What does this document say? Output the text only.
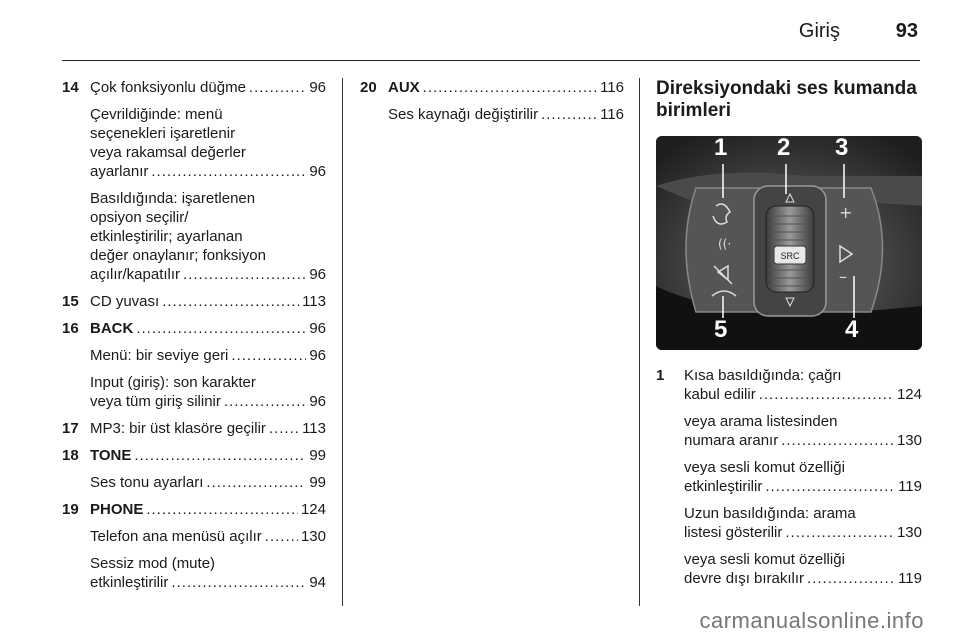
Giriş	93
14 Çok fonksiyonlu düğme .....	96
Çevrildiğinde: menü
seçenekleri işaretlenir
veya rakamsal değerler
ayarlanır .....	96
Basıldığında: işaretlenen
opsiyon seçilir/
etkinleştirilir; ayarlanan
değer onaylanır; fonksiyon
açılır/kapatılır .....	96
15 CD yuvası .....	113
16 BACK .....	96
Menü: bir seviye geri .....	96
Input (giriş): son karakter
veya tüm giriş silinir .....	96
17 MP3: bir üst klasöre geçilir ..... 113
18 TONE .....	99
Ses tonu ayarları .....	99
19 PHONE .....	124
Telefon ana menüsü açılır .....	130
Sessiz mod (mute)
etkinleştirilir .....	94
20 AUX .....	116
Ses kaynağı değiştirilir .....	116
Direksiyondaki ses kumanda
birimleri
SRC
((·
+
–
1 2 3
5	4
1 Kısa basıldığında: çağrı
kabul edilir .....	124
veya arama listesinden
numara aranır .....	130
veya sesli komut özelliği
etkinleştirilir .....	119
Uzun basıldığında: arama
listesi gösterilir .....	130
veya sesli komut özelliği
devre dışı bırakılır .....	119
carmanualsonline.info
